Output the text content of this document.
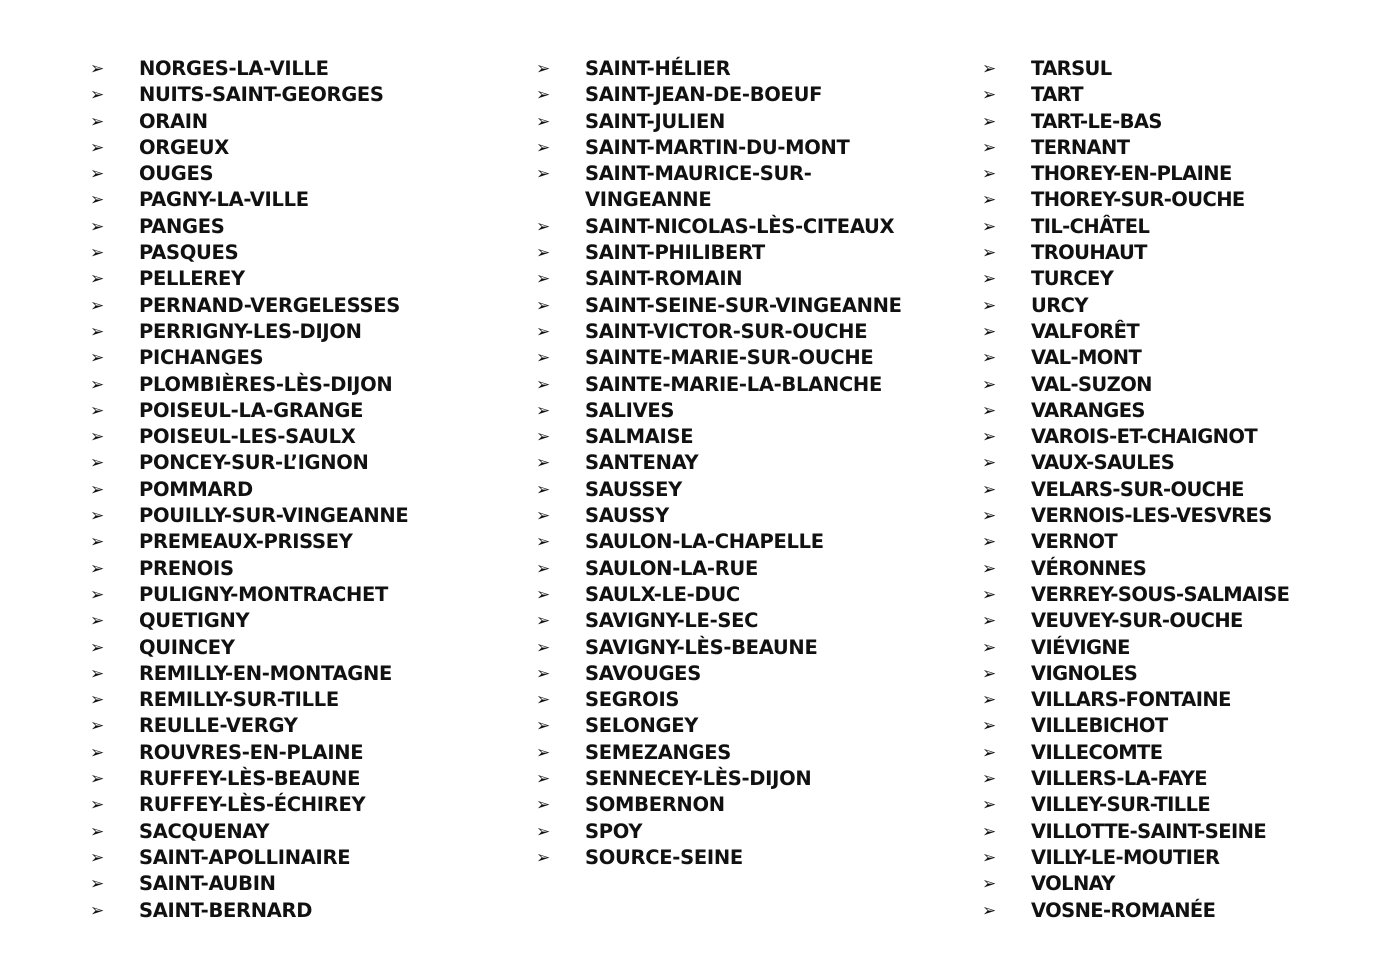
➢ NORGES-LA-VILLE
➢ NUITS-SAINT-GEORGES
➢ ORAIN
➢ ORGEUX
➢ OUGES
➢ PAGNY-LA-VILLE
➢ PANGES
➢ PASQUES
➢ PELLEREY
➢ PERNAND-VERGELESSES
➢ PERRIGNY-LES-DIJON
➢ PICHANGES
➢ PLOMBIÈRES-LÈS-DIJON
➢ POISEUL-LA-GRANGE
➢ POISEUL-LES-SAULX
➢ PONCEY-SUR-L’IGNON
➢ POMMARD
➢ POUILLY-SUR-VINGEANNE
➢ PREMEAUX-PRISSEY
➢ PRENOIS
➢ PULIGNY-MONTRACHET
➢ QUETIGNY
➢ QUINCEY
➢ REMILLY-EN-MONTAGNE
➢ REMILLY-SUR-TILLE
➢ REULLE-VERGY
➢ ROUVRES-EN-PLAINE
➢ RUFFEY-LÈS-BEAUNE
➢ RUFFEY-LÈS-ÉCHIREY
➢ SACQUENAY
➢ SAINT-APOLLINAIRE
➢ SAINT-AUBIN
➢ SAINT-BERNARD
➢ SAINT-HÉLIER
➢ SAINT-JEAN-DE-BOEUF
➢ SAINT-JULIEN
➢ SAINT-MARTIN-DU-MONT
➢ SAINT-MAURICE-SUR-VINGEANNE
➢ SAINT-NICOLAS-LÈS-CITEAUX
➢ SAINT-PHILIBERT
➢ SAINT-ROMAIN
➢ SAINT-SEINE-SUR-VINGEANNE
➢ SAINT-VICTOR-SUR-OUCHE
➢ SAINTE-MARIE-SUR-OUCHE
➢ SAINTE-MARIE-LA-BLANCHE
➢ SALIVES
➢ SALMAISE
➢ SANTENAY
➢ SAUSSEY
➢ SAUSSY
➢ SAULON-LA-CHAPELLE
➢ SAULON-LA-RUE
➢ SAULX-LE-DUC
➢ SAVIGNY-LE-SEC
➢ SAVIGNY-LÈS-BEAUNE
➢ SAVOUGES
➢ SEGROIS
➢ SELONGEY
➢ SEMEZANGES
➢ SENNECEY-LÈS-DIJON
➢ SOMBERNON
➢ SPOY
➢ SOURCE-SEINE
➢ TARSUL
➢ TART
➢ TART-LE-BAS
➢ TERNANT
➢ THOREY-EN-PLAINE
➢ THOREY-SUR-OUCHE
➢ TIL-CHÂTEL
➢ TROUHAUT
➢ TURCEY
➢ URCY
➢ VALFORÊT
➢ VAL-MONT
➢ VAL-SUZON
➢ VARANGES
➢ VAROIS-ET-CHAIGNOT
➢ VAUX-SAULES
➢ VELARS-SUR-OUCHE
➢ VERNOIS-LES-VESVRES
➢ VERNOT
➢ VÉRONNES
➢ VERREY-SOUS-SALMAISE
➢ VEUVEY-SUR-OUCHE
➢ VIÉVIGNE
➢ VIGNOLES
➢ VILLARS-FONTAINE
➢ VILLEBICHOT
➢ VILLECOMTE
➢ VILLERS-LA-FAYE
➢ VILLEY-SUR-TILLE
➢ VILLOTTE-SAINT-SEINE
➢ VILLY-LE-MOUTIER
➢ VOLNAY
➢ VOSNE-ROMANÉE
